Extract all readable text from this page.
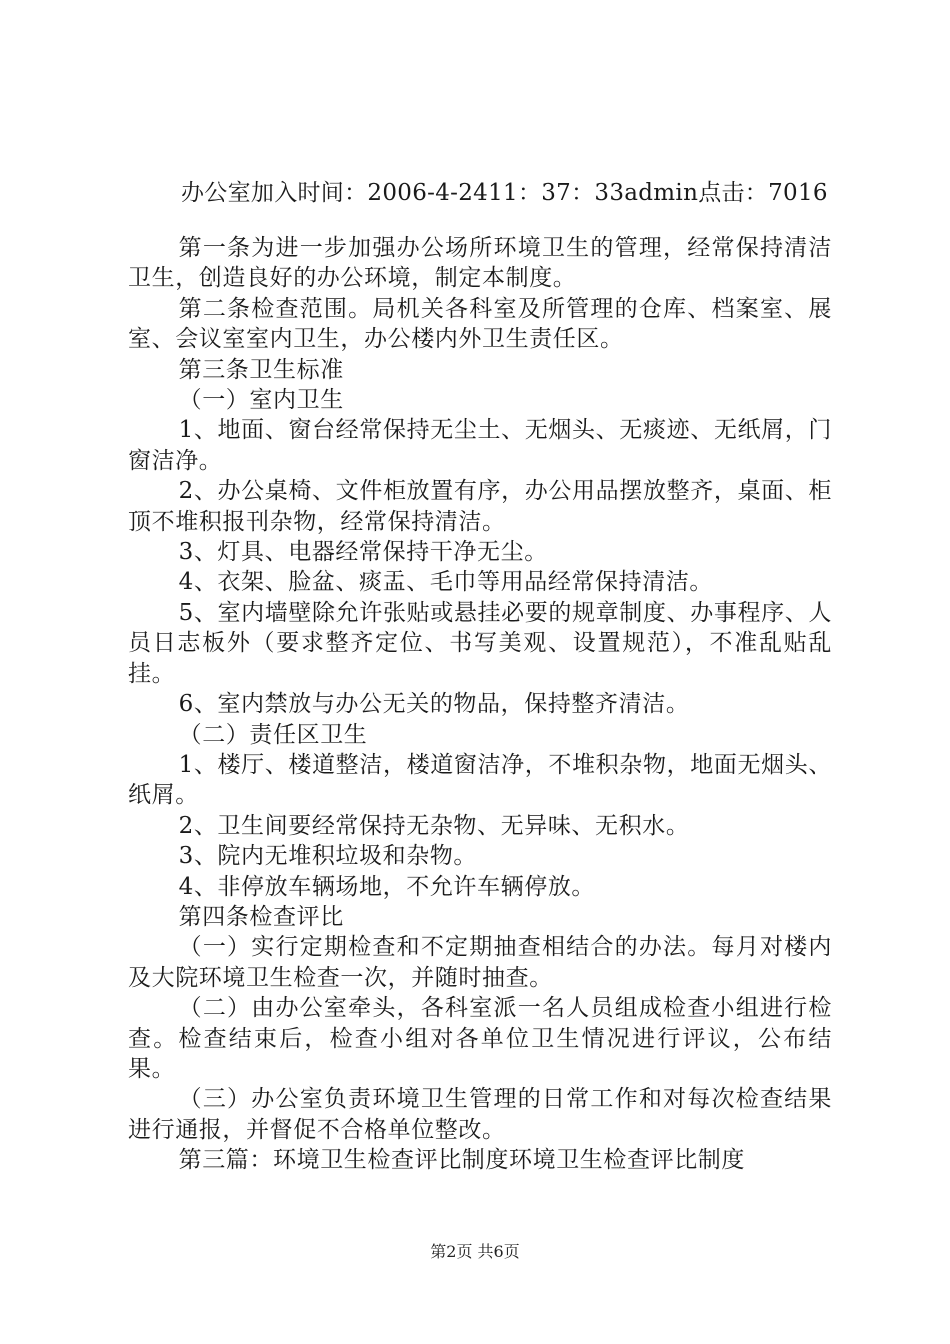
办公室加入时间：2006-4-2411：37：33admin点击：7016

第一条为进一步加强办公场所环境卫生的管理，经常保持清洁卫生，创造良好的办公环境，制定本制度。

第二条检查范围。局机关各科室及所管理的仓库、档案室、展室、会议室室内卫生，办公楼内外卫生责任区。

第三条卫生标准

（一）室内卫生

1、地面、窗台经常保持无尘土、无烟头、无痰迹、无纸屑，门窗洁净。

2、办公桌椅、文件柜放置有序，办公用品摆放整齐，桌面、柜顶不堆积报刊杂物，经常保持清洁。

3、灯具、电器经常保持干净无尘。

4、衣架、脸盆、痰盂、毛巾等用品经常保持清洁。

5、室内墙壁除允许张贴或悬挂必要的规章制度、办事程序、人员日志板外（要求整齐定位、书写美观、设置规范），不准乱贴乱挂。

6、室内禁放与办公无关的物品，保持整齐清洁。

（二）责任区卫生

1、楼厅、楼道整洁，楼道窗洁净，不堆积杂物，地面无烟头、纸屑。

2、卫生间要经常保持无杂物、无异味、无积水。

3、院内无堆积垃圾和杂物。

4、非停放车辆场地，不允许车辆停放。

第四条检查评比

（一）实行定期检查和不定期抽查相结合的办法。每月对楼内及大院环境卫生检查一次，并随时抽查。

（二）由办公室牵头，各科室派一名人员组成检查小组进行检查。检查结束后，检查小组对各单位卫生情况进行评议，公布结果。

（三）办公室负责环境卫生管理的日常工作和对每次检查结果进行通报，并督促不合格单位整改。

第三篇：环境卫生检查评比制度环境卫生检查评比制度

第2页 共6页
